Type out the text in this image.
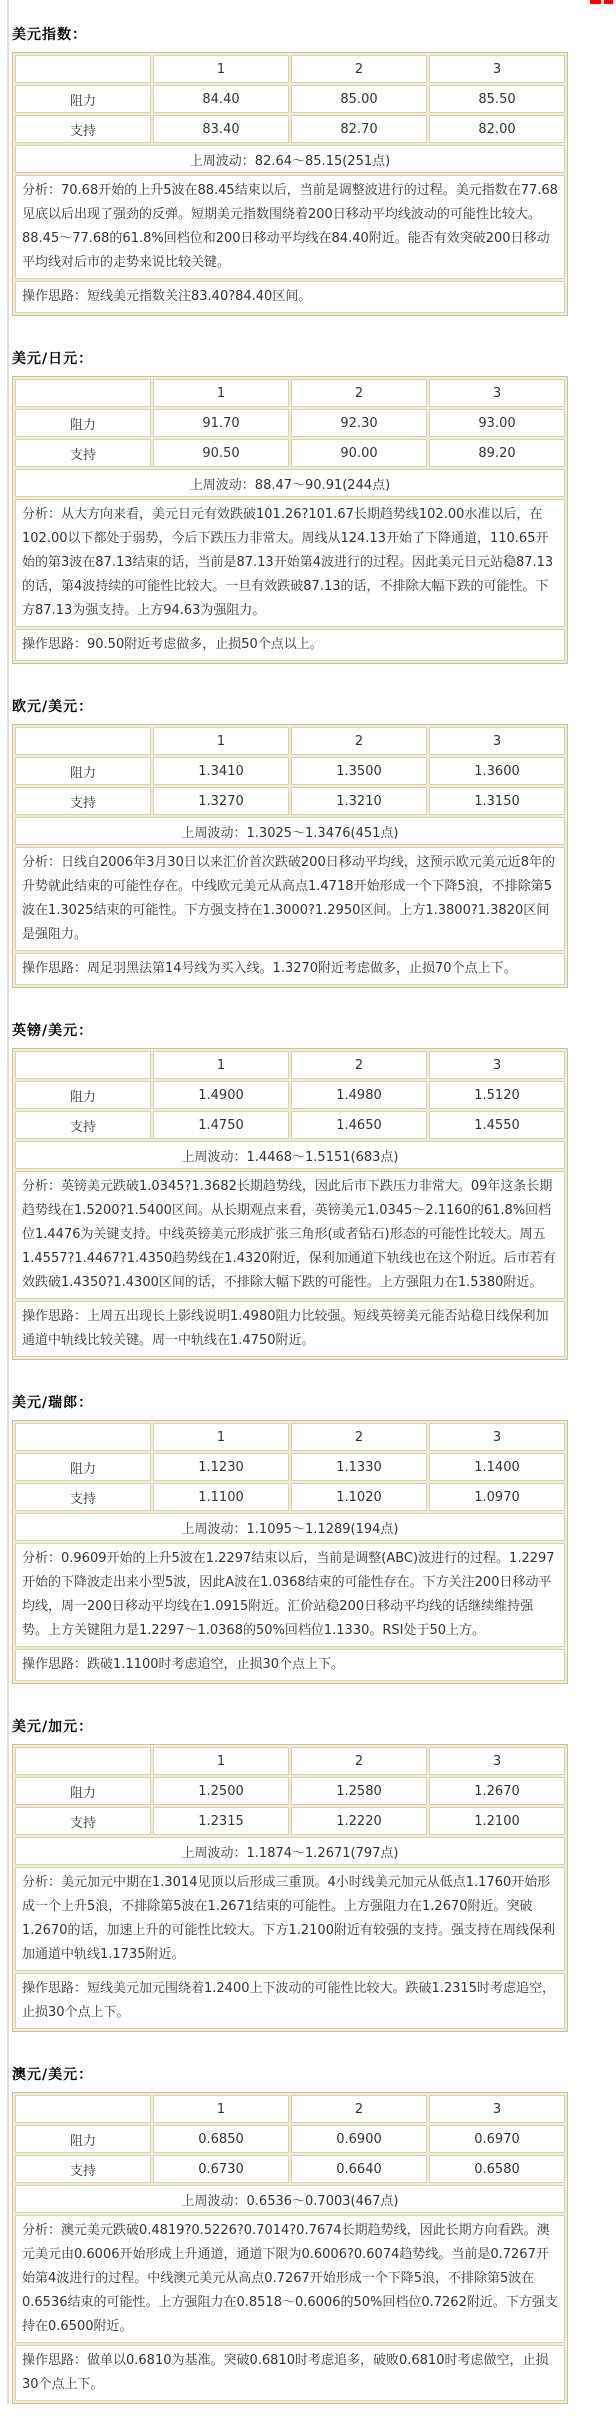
美元指数：
	1	2	3
阻力	84.40	85.00	85.50
支持	83.40	82.70	82.00
上周波动：82.64～85.15(251点)			
分析：70.68开始的上升5波在88.45结束以后，当前是调整波进行的过程。美元指数在77.68见底以后出现了强劲的反弹。短期美元指数围绕着200日移动平均线波动的可能性比较大。88.45～77.68的61.8%回档位和200日移动平均线在84.40附近。能否有效突破200日移动平均线对后市的走势来说比较关键。			
操作思路：短线美元指数关注83.40?84.40区间。			
美元/日元：
	1	2	3
阻力	91.70	92.30	93.00
支持	90.50	90.00	89.20
上周波动：88.47～90.91(244点)			
分析：从大方向来看，美元日元有效跌破101.26?101.67长期趋势线102.00水准以后，在102.00以下都处于弱势，今后下跌压力非常大。周线从124.13开始了下降通道，110.65开始的第3波在87.13结束的话，当前是87.13开始第4波进行的过程。因此美元日元站稳87.13的话，第4波持续的可能性比较大。一旦有效跌破87.13的话，不排除大幅下跌的可能性。下方87.13为强支持。上方94.63为强阻力。			
操作思路：90.50附近考虑做多，止损50个点以上。			
欧元/美元：
	1	2	3
阻力	1.3410	1.3500	1.3600
支持	1.3270	1.3210	1.3150
上周波动：1.3025～1.3476(451点)			
分析：日线自2006年3月30日以来汇价首次跌破200日移动平均线，这预示欧元美元近8年的升势就此结束的可能性存在。中线欧元美元从高点1.4718开始形成一个下降5浪，不排除第5波在1.3025结束的可能性。下方强支持在1.3000?1.2950区间。上方1.3800?1.3820区间是强阻力。			
操作思路：周足羽黑法第14号线为买入线。1.3270附近考虑做多，止损70个点上下。			
英镑/美元：
	1	2	3
阻力	1.4900	1.4980	1.5120
支持	1.4750	1.4650	1.4550
上周波动：1.4468～1.5151(683点)			
分析：英镑美元跌破1.0345?1.3682长期趋势线，因此后市下跌压力非常大。09年这条长期趋势线在1.5200?1.5400区间。从长期观点来看，英镑美元1.0345～2.1160的61.8%回档位1.4476为关键支持。中线英镑美元形成扩张三角形(或者钻石)形态的可能性比较大。周五1.4557?1.4467?1.4350趋势线在1.4320附近，保利加通道下轨线也在这个附近。后市若有效跌破1.4350?1.4300区间的话，不排除大幅下跌的可能性。上方强阻力在1.5380附近。			
操作思路：上周五出现长上影线说明1.4980阻力比较强。短线英镑美元能否站稳日线保利加通道中轨线比较关键。周一中轨线在1.4750附近。			
美元/瑞郎：
	1	2	3
阻力	1.1230	1.1330	1.1400
支持	1.1100	1.1020	1.0970
上周波动：1.1095～1.1289(194点)			
分析：0.9609开始的上升5波在1.2297结束以后，当前是调整(ABC)波进行的过程。1.2297开始的下降波走出来小型5波，因此A波在1.0368结束的可能性存在。下方关注200日移动平均线，周一200日移动平均线在1.0915附近。汇价站稳200日移动平均线的话继续维持强势。上方关键阻力是1.2297～1.0368的50%回档位1.1330。RSI处于50上方。			
操作思路：跌破1.1100时考虑追空，止损30个点上下。			
美元/加元：
	1	2	3
阻力	1.2500	1.2580	1.2670
支持	1.2315	1.2220	1.2100
上周波动：1.1874～1.2671(797点)			
分析：美元加元中期在1.3014见顶以后形成三重顶。4小时线美元加元从低点1.1760开始形成一个上升5浪，不排除第5波在1.2671结束的可能性。上方强阻力在1.2670附近。突破1.2670的话，加速上升的可能性比较大。下方1.2100附近有较强的支持。强支持在周线保利加通道中轨线1.1735附近。			
操作思路：短线美元加元围绕着1.2400上下波动的可能性比较大。跌破1.2315时考虑追空，止损30个点上下。			
澳元/美元：
	1	2	3
阻力	0.6850	0.6900	0.6970
支持	0.6730	0.6640	0.6580
上周波动：0.6536～0.7003(467点)			
分析：澳元美元跌破0.4819?0.5226?0.7014?0.7674长期趋势线，因此长期方向看跌。澳元美元由0.6006开始形成上升通道，通道下限为0.6006?0.6074趋势线。当前是0.7267开始第4波进行的过程。中线澳元美元从高点0.7267开始形成一个下降5浪，不排除第5波在0.6536结束的可能性。上方强阻力在0.8518～0.6006的50%回档位0.7262附近。下方强支持在0.6500附近。			
操作思路：做单以0.6810为基准。突破0.6810时考虑追多，破败0.6810时考虑做空，止损30个点上下。			
